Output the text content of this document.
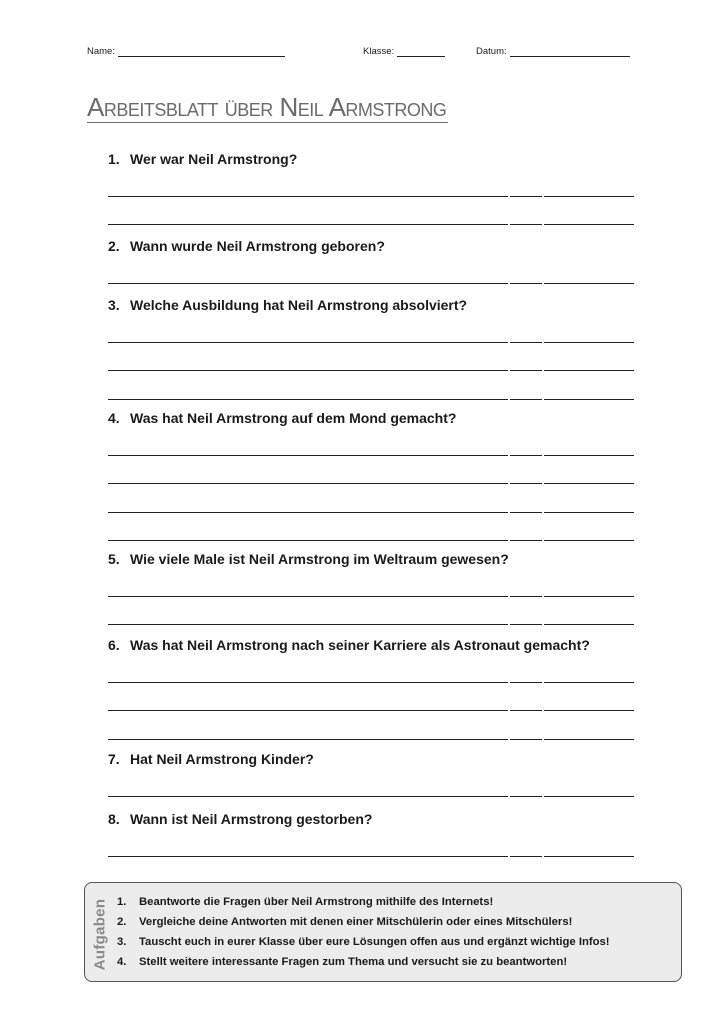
Name:	Klasse:	Datum:
Arbeitsblatt über Neil Armstrong

1. Wer war Neil Armstrong?

2. Wann wurde Neil Armstrong geboren?

3. Welche Ausbildung hat Neil Armstrong absolviert?

4. Was hat Neil Armstrong auf dem Mond gemacht?

5. Wie viele Male ist Neil Armstrong im Weltraum gewesen?

6. Was hat Neil Armstrong nach seiner Karriere als Astronaut gemacht?

7. Hat Neil Armstrong Kinder?

8. Wann ist Neil Armstrong gestorben?

Aufgaben 1. Beantworte die Fragen über Neil Armstrong mithilfe des Internets!
2. Vergleiche deine Antworten mit denen einer Mitschülerin oder eines Mitschülers!
3. Tauscht euch in eurer Klasse über eure Lösungen offen aus und ergänzt wichtige Infos!
4. Stellt weitere interessante Fragen zum Thema und versucht sie zu beantworten!
